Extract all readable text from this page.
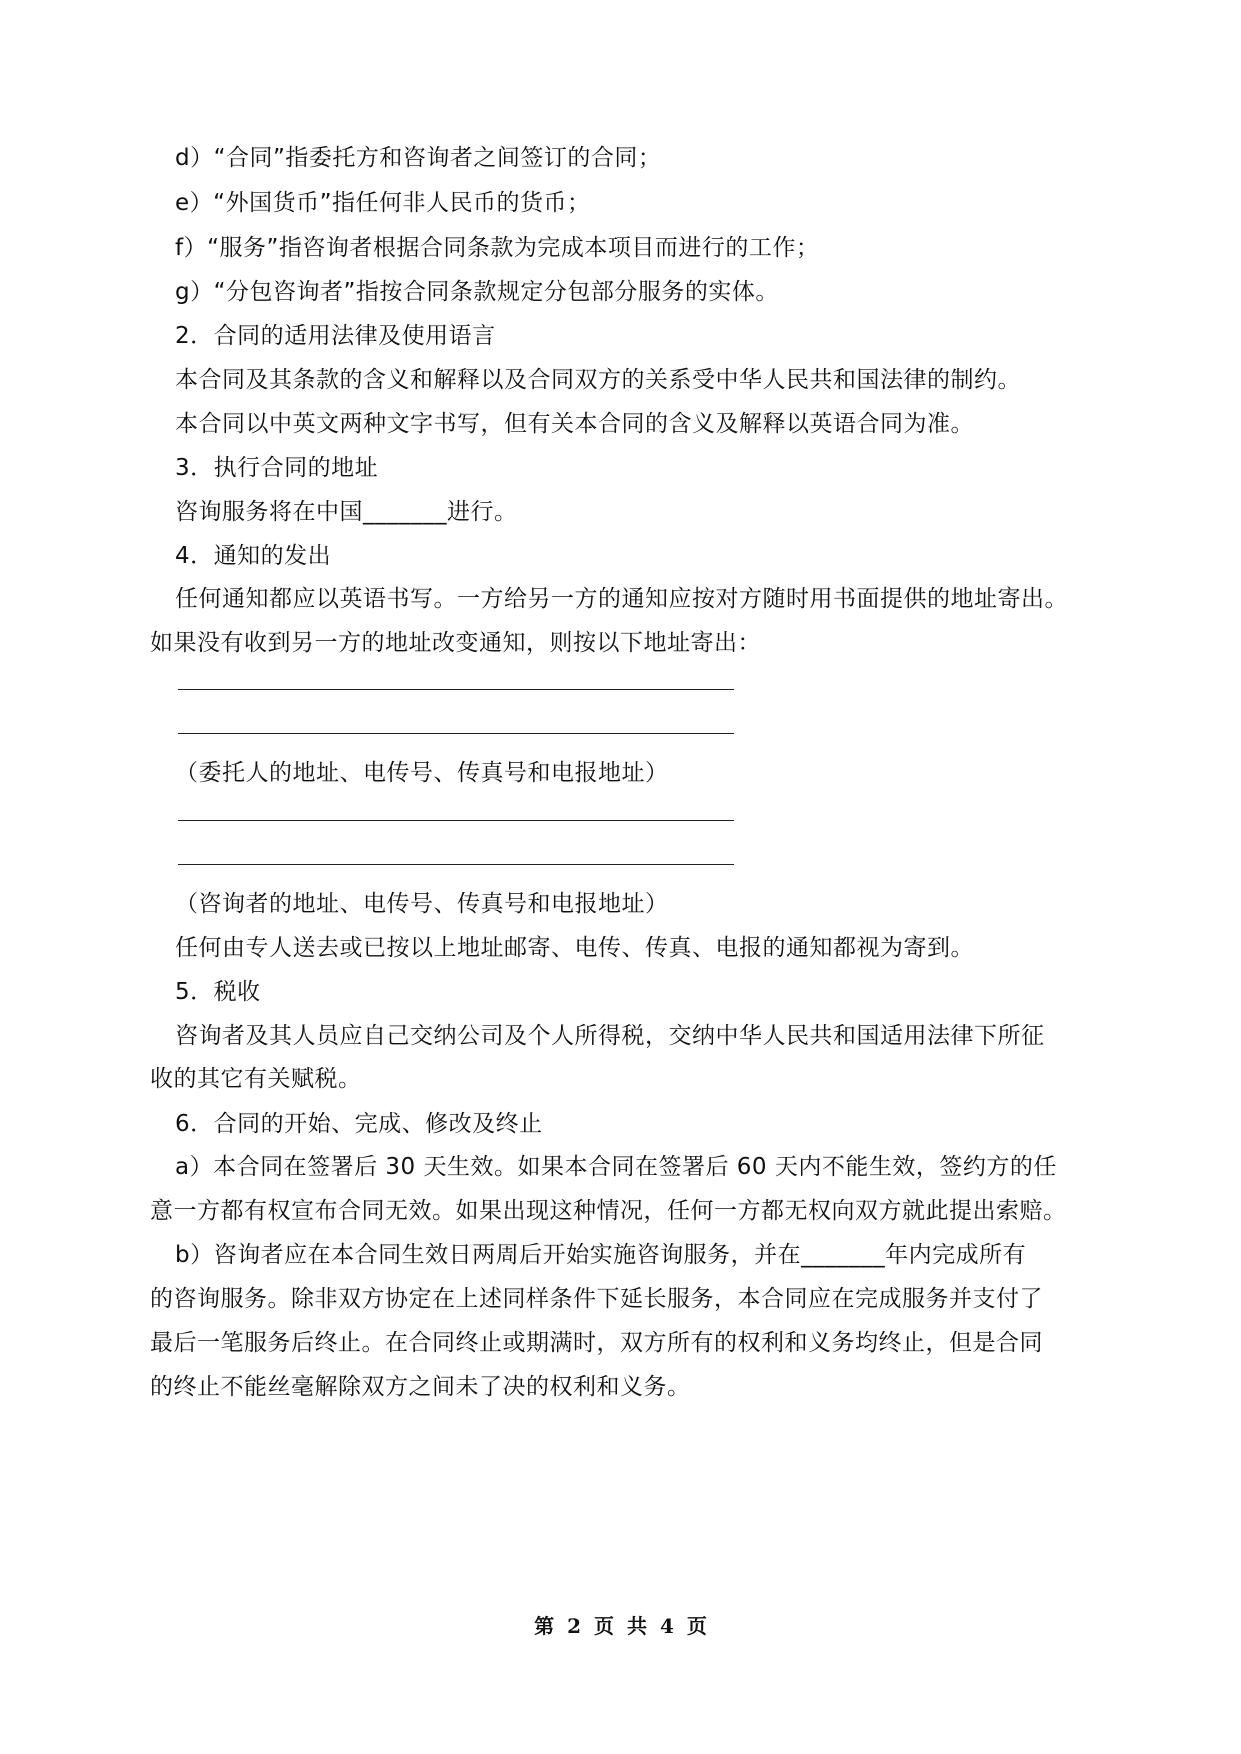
d）“合同”指委托方和咨询者之间签订的合同；
e）“外国货币”指任何非人民币的货币；
f）“服务”指咨询者根据合同条款为完成本项目而进行的工作；
g）“分包咨询者”指按合同条款规定分包部分服务的实体。
2．合同的适用法律及使用语言
本合同及其条款的含义和解释以及合同双方的关系受中华人民共和国法律的制约。
本合同以中英文两种文字书写，但有关本合同的含义及解释以英语合同为准。
3．执行合同的地址
咨询服务将在中国_______进行。
4．通知的发出
任何通知都应以英语书写。一方给另一方的通知应按对方随时用书面提供的地址寄出。
如果没有收到另一方的地址改变通知，则按以下地址寄出：
（委托人的地址、电传号、传真号和电报地址）
（咨询者的地址、电传号、传真号和电报地址）
任何由专人送去或已按以上地址邮寄、电传、传真、电报的通知都视为寄到。
5．税收
咨询者及其人员应自己交纳公司及个人所得税，交纳中华人民共和国适用法律下所征
收的其它有关赋税。
6．合同的开始、完成、修改及终止
a）本合同在签署后 30 天生效。如果本合同在签署后 60 天内不能生效，签约方的任
意一方都有权宣布合同无效。如果出现这种情况，任何一方都无权向双方就此提出索赔。
b）咨询者应在本合同生效日两周后开始实施咨询服务，并在_______年内完成所有
的咨询服务。除非双方协定在上述同样条件下延长服务，本合同应在完成服务并支付了
最后一笔服务后终止。在合同终止或期满时，双方所有的权利和义务均终止，但是合同
的终止不能丝毫解除双方之间未了决的权利和义务。
第 2 页 共 4 页
